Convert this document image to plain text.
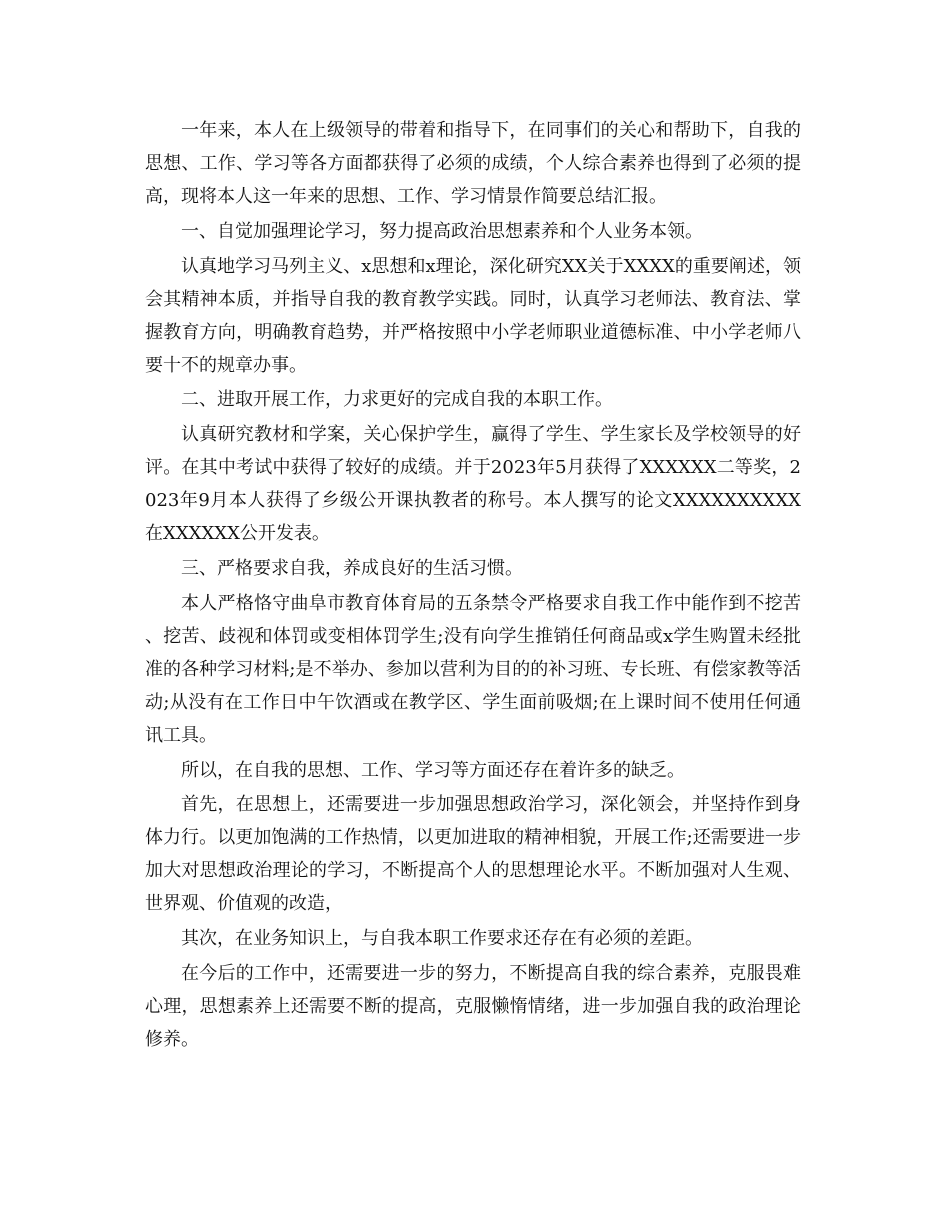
一年来，本人在上级领导的带着和指导下，在同事们的关心和帮助下，自我的思想、工作、学习等各方面都获得了必须的成绩，个人综合素养也得到了必须的提高，现将本人这一年来的思想、工作、学习情景作简要总结汇报。

一、自觉加强理论学习，努力提高政治思想素养和个人业务本领。

认真地学习马列主义、x思想和x理论，深化研究XX关于XXXX的重要阐述，领会其精神本质，并指导自我的教育教学实践。同时，认真学习老师法、教育法、掌握教育方向，明确教育趋势，并严格按照中小学老师职业道德标准、中小学老师八要十不的规章办事。

二、进取开展工作，力求更好的完成自我的本职工作。

认真研究教材和学案，关心保护学生，赢得了学生、学生家长及学校领导的好评。在其中考试中获得了较好的成绩。并于2023年5月获得了XXXXXX二等奖，2023年9月本人获得了乡级公开课执教者的称号。本人撰写的论文XXXXXXXXXX在XXXXXX公开发表。

三、严格要求自我，养成良好的生活习惯。

本人严格恪守曲阜市教育体育局的五条禁令严格要求自我工作中能作到不挖苦、挖苦、歧视和体罚或变相体罚学生;没有向学生推销任何商品或x学生购置未经批准的各种学习材料;是不举办、参加以营利为目的的补习班、专长班、有偿家教等活动;从没有在工作日中午饮酒或在教学区、学生面前吸烟;在上课时间不使用任何通讯工具。

所以，在自我的思想、工作、学习等方面还存在着许多的缺乏。

首先，在思想上，还需要进一步加强思想政治学习，深化领会，并坚持作到身体力行。以更加饱满的工作热情，以更加进取的精神相貌，开展工作;还需要进一步加大对思想政治理论的学习，不断提高个人的思想理论水平。不断加强对人生观、世界观、价值观的改造，

其次，在业务知识上，与自我本职工作要求还存在有必须的差距。

在今后的工作中，还需要进一步的努力，不断提高自我的综合素养，克服畏难心理，思想素养上还需要不断的提高，克服懒惰情绪，进一步加强自我的政治理论修养。
